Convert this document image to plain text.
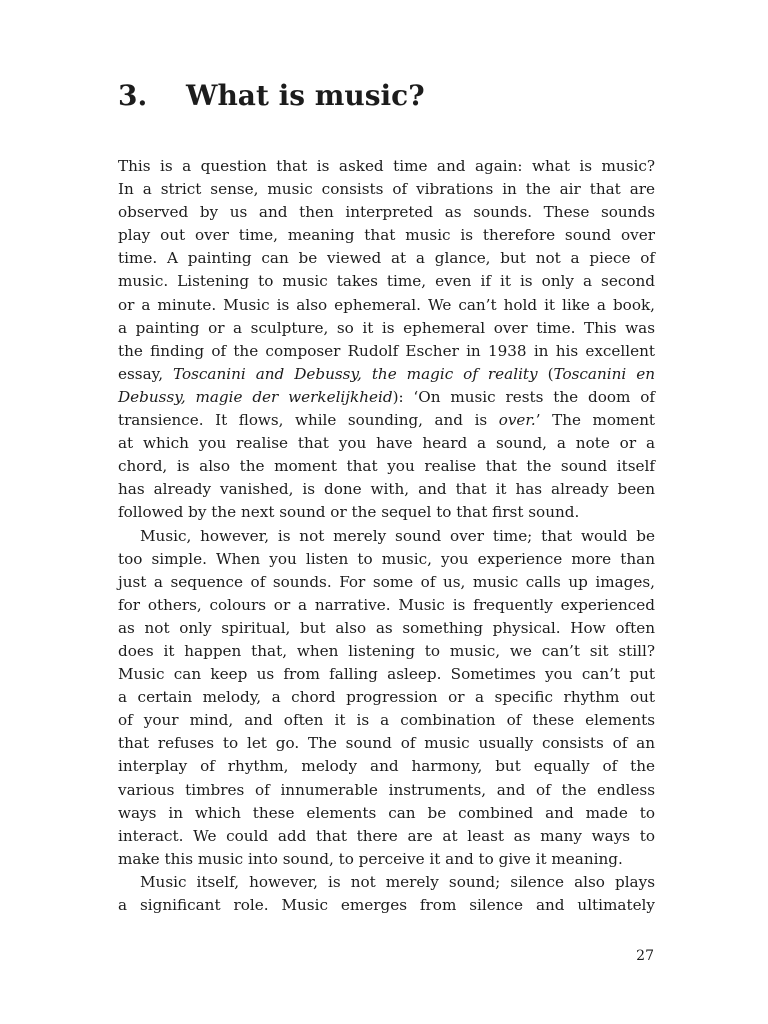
3. What is music?
This is a question that is asked time and again: what is music?
In a strict sense, music consists of vibrations in the air that are
observed by us and then interpreted as sounds. These sounds
play out over time, meaning that music is therefore sound over
time. A painting can be viewed at a glance, but not a piece of
music. Listening to music takes time, even if it is only a second
or a minute. Music is also ephemeral. We can’t hold it like a book,
a painting or a sculpture, so it is ephemeral over time. This was
the finding of the composer Rudolf Escher in 1938 in his excellent
essay, Toscanini and Debussy, the magic of reality (Toscanini en
Debussy, magie der werkelijkheid): ‘On music rests the doom of
transience. It flows, while sounding, and is over.’ The moment
at which you realise that you have heard a sound, a note or a
chord, is also the moment that you realise that the sound itself
has already vanished, is done with, and that it has already been
followed by the next sound or the sequel to that first sound.
Music, however, is not merely sound over time; that would be
too simple. When you listen to music, you experience more than
just a sequence of sounds. For some of us, music calls up images,
for others, colours or a narrative. Music is frequently experienced
as not only spiritual, but also as something physical. How often
does it happen that, when listening to music, we can’t sit still?
Music can keep us from falling asleep. Sometimes you can’t put
a certain melody, a chord progression or a specific rhythm out
of your mind, and often it is a combination of these elements
that refuses to let go. The sound of music usually consists of an
interplay of rhythm, melody and harmony, but equally of the
various timbres of innumerable instruments, and of the endless
ways in which these elements can be combined and made to
interact. We could add that there are at least as many ways to
make this music into sound, to perceive it and to give it meaning.
Music itself, however, is not merely sound; silence also plays
a significant role. Music emerges from silence and ultimately
27
